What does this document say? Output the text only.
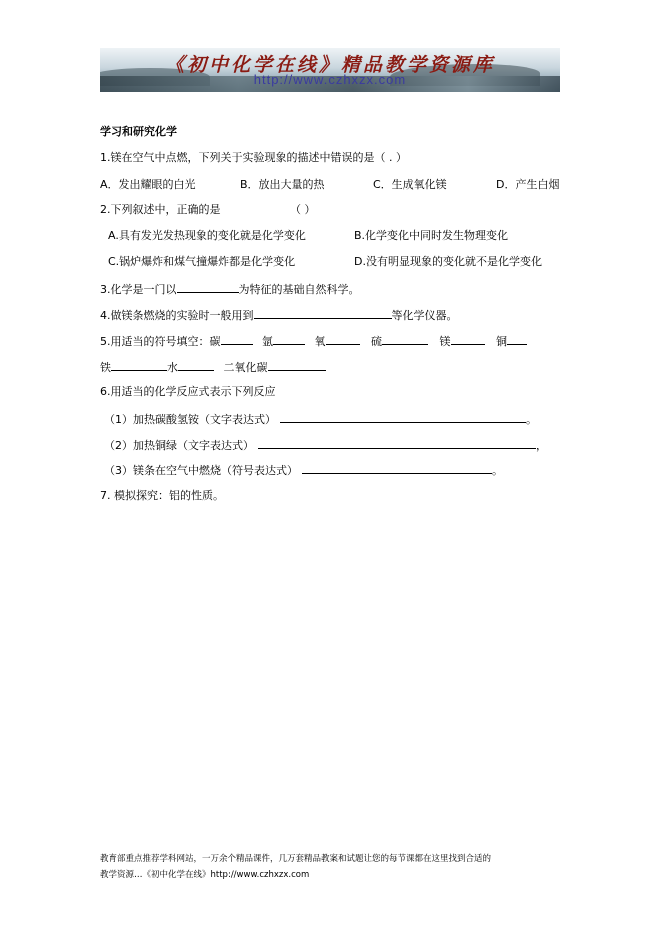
《初中化学在线》精品教学资源库
http://www.czhxzx.com
学习和研究化学
1.镁在空气中点燃，下列关于实验现象的描述中错误的是（ . ）
A．发出耀眼的白光	B．放出大量的热	C．生成氧化镁	D．产生白烟
2.下列叙述中，正确的是	（ ）
A.具有发光发热现象的变化就是化学变化	B.化学变化中同时发生物理变化
C.锅炉爆炸和煤气撞爆炸都是化学变化	D.没有明显现象的变化就不是化学变化
3.化学是一门以	为特征的基础自然科学。
4.做镁条燃烧的实验时一般用到	等化学仪器。
5.用适当的符号填空：碳	氩	氧	硫	镁	铜
铁	水	二氧化碳
6.用适当的化学反应式表示下列反应
（1）加热碳酸氢铵（文字表达式）	。
（2）加热铜绿（文字表达式）	，
（3）镁条在空气中燃烧（符号表达式）	。
7. 模拟探究：铝的性质。
教育部重点推荐学科网站，一万余个精品课件，几万套精品教案和试题让您的每节课都在这里找到合适的
教学资源…《初中化学在线》http://www.czhxzx.com
